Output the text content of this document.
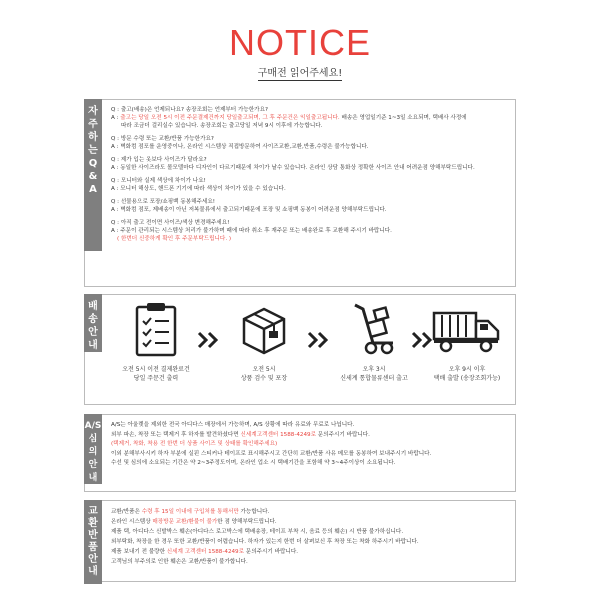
NOTICE
구매전 읽어주세요!
자
주
하
는
Q
&
A
Q : 출고(배송)은 언제되나요? 송장조회는 언제부터 가능한가요?
A : 출고는 당일 오전 5시 이전 주문결제건까지 당일출고되며, 그 후 주문건은 익일출고됩니다. 배송은 영업일기준 1~3일 소요되며, 택배사 사정에
따라 조금더 걸리실수 있습니다. 송장조회는 출고당일 저녁 9시 이후에 가능합니다.
Q : 방문 수령 또는 교환/반품 가능한가요?
A : 벽화컴 점포를 운영중이나, 온라인 시스템상 직접방문하여 사이즈교환,교환,반품,수령은 불가능합니다.
Q : 제가 입는 옷보다 사이즈가 달라요?
A : 동일한 사이즈라도 몰모델마다 디자인이 다르기때문에 차이가 날수 있습니다. 온라인 상담 통화상 정확한 사이즈 안내 어려운점 양해부탁드립니다.
Q : 모니터와 실제 색상에 차이가 나요!
A : 모니터 해상도, 핸드폰 기기에 따라 색상이 차이가 있을 수 있습니다.
Q : 선물용으로 포장/쇼핑백 동봉해주세요!
A : 벽화컴 점포, 제배송이 아닌 저복물류에서 출고되기때문에 포장 및 쇼핑백 동봉이 어려운점 양해부탁드립니다.
Q : 아직 출고 전이면 사이즈/색상 변경해주세요!
A : 주문이 관리되는 시스템상 처리가 불가하며 때에 따라 취소 후 재주문 또는 배송완료 후 교환해 주시기 바랍니다.
( 한번더 신중하게 확인 후 주문부탁드립니다. )
배
송
안
내
오전 5시 이전 결제완료건
당일 주문건 출력
오전 5시
상품 검수 및 포장
오후 3시
신세계 통합물류센터 출고
오후 9시 이후
택배 출발 (송장조회가능)
A/S
심
의
안
내
A/S는 아울렛을 제외한 전국 아디다스 매장에서 가능하며, A/S 상황에 따라 유료와 무료로 나뉩니다.
외부 파손, 착장 또는 택제거 후 하자를 발견하셨다면 신세계고객센터 1588-4249로 문의주시기 바랍니다.
(택제거, 착화, 착용 전 한번 더 상품 사이즈 및 상태를 확인해주세요)
이외 분해부사시키 하자 부분에 실핀 스티커나 테이프로 표시해주시고 간단히 교환/반품 사유 메모를 동봉하여 보내주시기 바랍니다.
수선 및 심의에 소요되는 기간은 약 2~3주정도이며, 온라인 업소 시 택배기간을 포함해 약 3~4주이상이 소요됩니다.
교
환
반
품
안
내
교환/반품은 수령 후 15일 이내에 구입처를 통해서만 가능합니다.
온라인 시스템상 매장방문 교환/환불이 불가한 점 양해부탁드립니다.
제품 택, 아디다스 신발박스 훼손(아디다스 로고박스에 택배송장, 테이프 부착 시, 음료 등의 훼손) 시 반품 불가하십니다.
외부탁화, 착장을 한 경우 또한 교환/반품이 어렵습니다. 하자가 있는지 한번 더 살펴보신 후 착장 또는 착화 하주시기 바랍니다.
제품 보내기 전 불량한 신세계 고객센터 1588-4249로 문의주시기 바랍니다.
고객님의 부주의로 인한 훼손은 교환/반품이 불가합니다.
